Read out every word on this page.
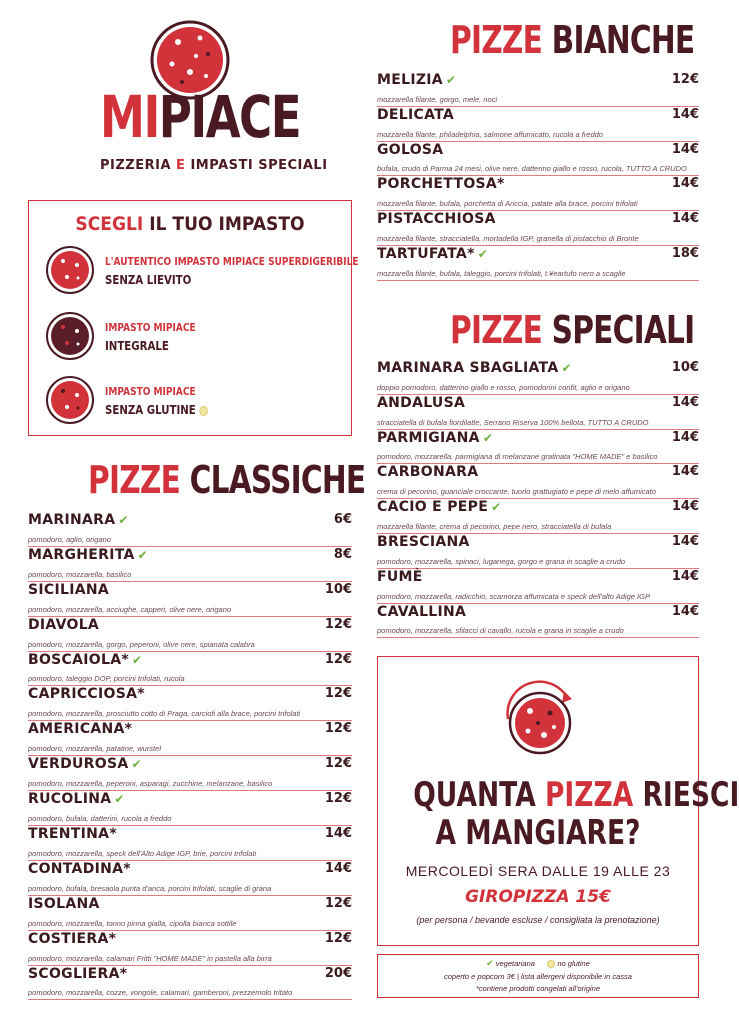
MIPIACE
PIZZERIA E IMPASTI SPECIALI
SCEGLI IL TUO IMPASTO
L'AUTENTICO IMPASTO MIPIACE SUPERDIGERIBILE
SENZA LIEVITO
IMPASTO MIPIACE
INTEGRALE
IMPASTO MIPIACE
SENZA GLUTINE
PIZZE CLASSICHE
PIZZE BIANCHE
PIZZE SPECIALI
MARINARA ✔	6€
pomodoro, aglio, origano
MARGHERITA ✔	8€
pomodoro, mozzarella, basilico
SICILIANA	10€
pomodoro, mozzarella, acciughe, capperi, olive nere, origano
DIAVOLA	12€
pomodoro, mozzarella, gorgo, peperoni, olive nere, spianata calabra
BOSCAIOLA* ✔	12€
pomodoro, taleggio DOP, porcini trifolati, rucola
CAPRICCIOSA*	12€
pomodoro, mozzarella, prosciutto cotto di Praga, carciofi alla brace, porcini trifolati
AMERICANA*	12€
pomodoro, mozzarella, patatine, wurstel
VERDUROSA ✔	12€
pomodoro, mozzarella, peperoni, asparagi, zucchine, melanzane, basilico
RUCOLINA ✔	12€
pomodoro, bufala, datterini, rucola a freddo
TRENTINA*	14€
pomodoro, mozzarella, speck dell'Alto Adige IGP, brie, porcini trifolati
CONTADINA*	14€
pomodoro, bufala, bresaola punta d'anca, porcini trifolati, scaglie di grana
ISOLANA	12€
pomodoro, mozzarella, tonno pinna gialla, cipolla bianca sottile
COSTIERA*	12€
pomodoro, mozzarella, calamari Fritti "HOME MADE" in pastella alla birra
SCOGLIERA*	20€
pomodoro, mozzarella, cozze, vongole, calamari, gamberoni, prezzemolo tritato
MELIZIA ✔	12€
mozzarella filante, gorgo, mele, noci
DELICATA	14€
mozzarella filante, philadelphia, salmone affumicato, rucola a freddo
GOLOSA	14€
bufala, crudo di Parma 24 mesi, olive nere, datterino giallo e rosso, rucola, TUTTO A CRUDO
PORCHETTOSA*	14€
mozzarella filante, bufala, porchetta di Ariccia, patate alla brace, porcini trifolati
PISTACCHIOSA	14€
mozzarella filante, stracciatella, mortadella IGP, granella di pistacchio di Bronte
TARTUFATA* ✔	18€
mozzarella filante, bufala, taleggio, porcini trifolati, t.¥eartufo nero a scaglie
MARINARA SBAGLIATA ✔	10€
doppio pomodoro, datterino giallo e rosso, pomodorini confit, aglio e origano
ANDALUSA	14€
stracciatella di bufala fiordilatte, Serrano Riserva 100% bellota, TUTTO A CRUDO
PARMIGIANA ✔	14€
pomodoro, mozzarella, parmigiana di melanzane gratinata "HOME MADE" e basilico
CARBONARA	14€
crema di pecorino, guanciale croccante, tuorlo grattugiato e pepe di melo affumicato
CACIO E PEPE ✔	14€
mozzarella filante, crema di pecorino, pepe nero, stracciatella di bufala
BRESCIANA	14€
pomodoro, mozzarella, spinaci, luganega, gorgo e grana in scaglie a crudo
FUMÈ	14€
pomodoro, mozzarella, radicchio, scamorza affumicata e speck dell'alto Adige IGP
CAVALLINA	14€
pomodoro, mozzarella, sfilacci di cavallo, rucola e grana in scaglie a crudo
QUANTA PIZZA RIESCI
A MANGIARE?
MERCOLEDÌ SERA DALLE 19 ALLE 23
GIROPIZZA 15€
(per persona / bevande escluse / consigliata la prenotazione)
✔ vegetariana	no glutine
coperto e popcorn 3€ | lista allergeni disponibile in cassa
*contiene prodotti congelati all'origine
